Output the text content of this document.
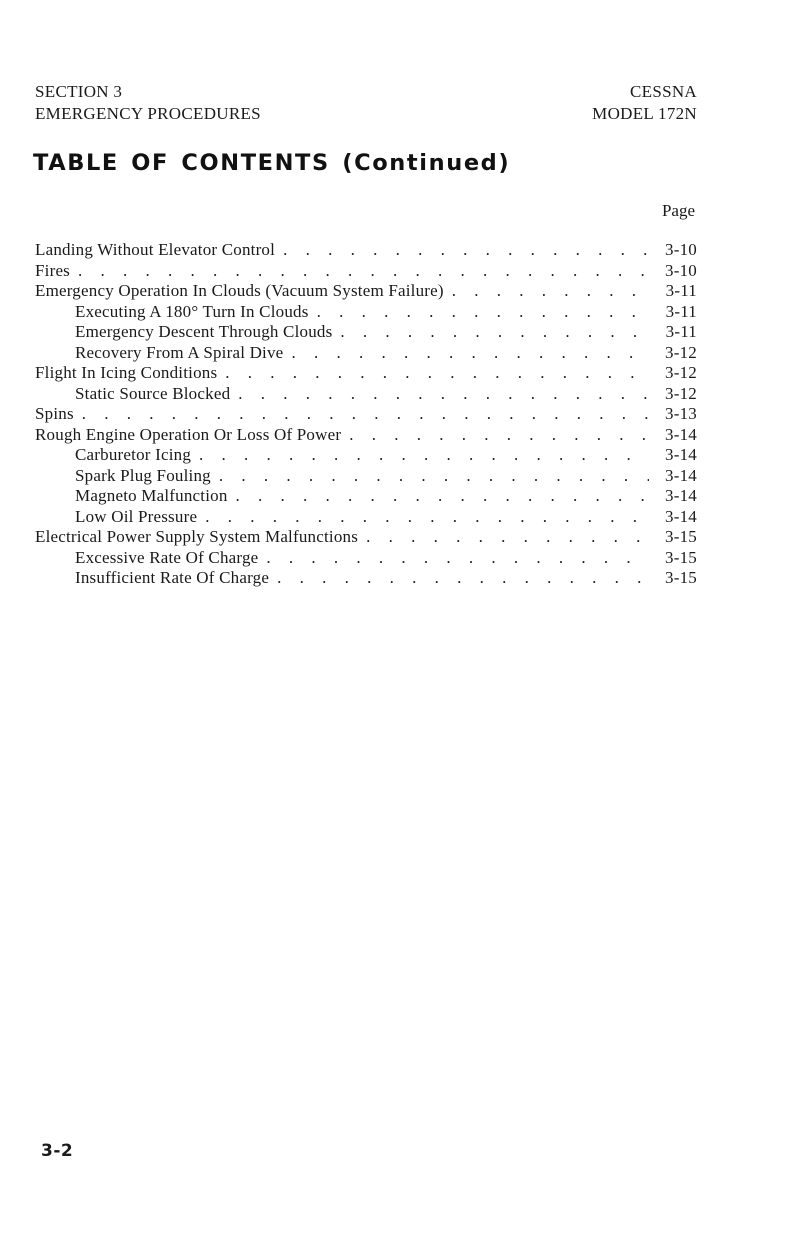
SECTION 3
EMERGENCY PROCEDURES
CESSNA
MODEL 172N
TABLE OF CONTENTS (Continued)
Page
Landing Without Elevator Control . . .	3-10
Fires . . .	3-10
Emergency Operation In Clouds (Vacuum System Failure) . . .	3-11
Executing A 180° Turn In Clouds . . .	3-11
Emergency Descent Through Clouds . . .	3-11
Recovery From A Spiral Dive . . .	3-12
Flight In Icing Conditions . . .	3-12
Static Source Blocked . . .	3-12
Spins . . .	3-13
Rough Engine Operation Or Loss Of Power . . .	3-14
Carburetor Icing . . .	3-14
Spark Plug Fouling . . .	3-14
Magneto Malfunction . . .	3-14
Low Oil Pressure . . .	3-14
Electrical Power Supply System Malfunctions . . .	3-15
Excessive Rate Of Charge . . .	3-15
Insufficient Rate Of Charge . . .	3-15
3-2
